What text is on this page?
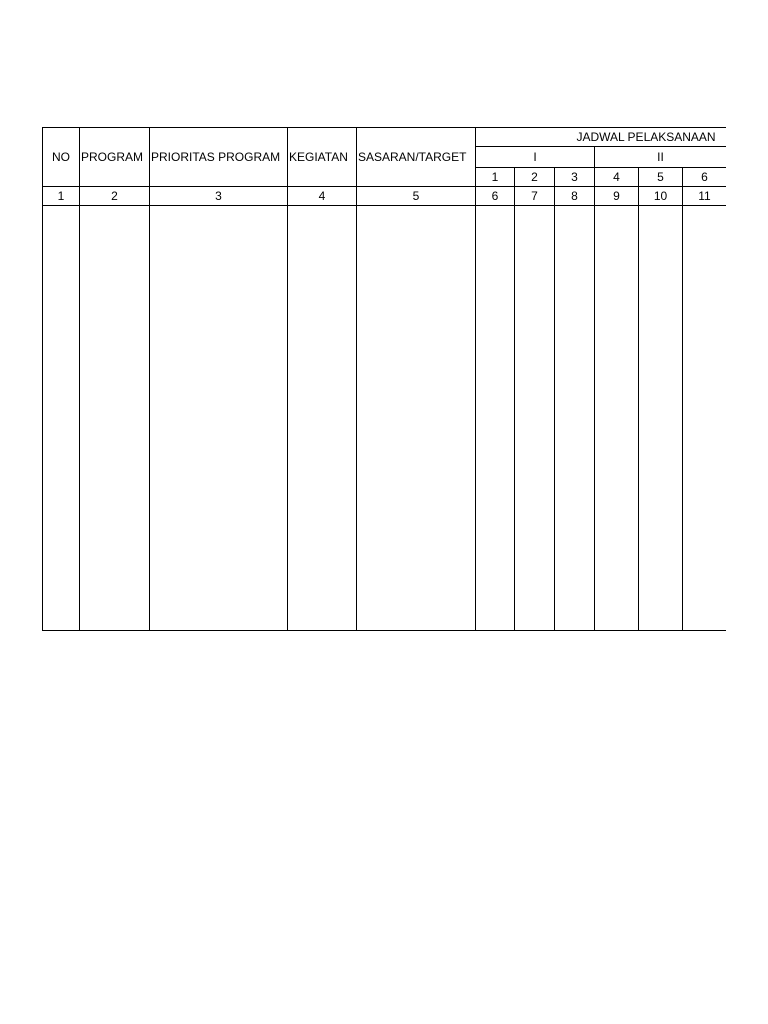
NO	PROGRAM	PRIORITAS PROGRAM	KEGIATAN	SASARAN/TARGET	JADWAL PELAKSANAAN						
					I			II			
					1	2	3	4	5	6	
1	2	3	4	5	6	7	8	9	10	11	
